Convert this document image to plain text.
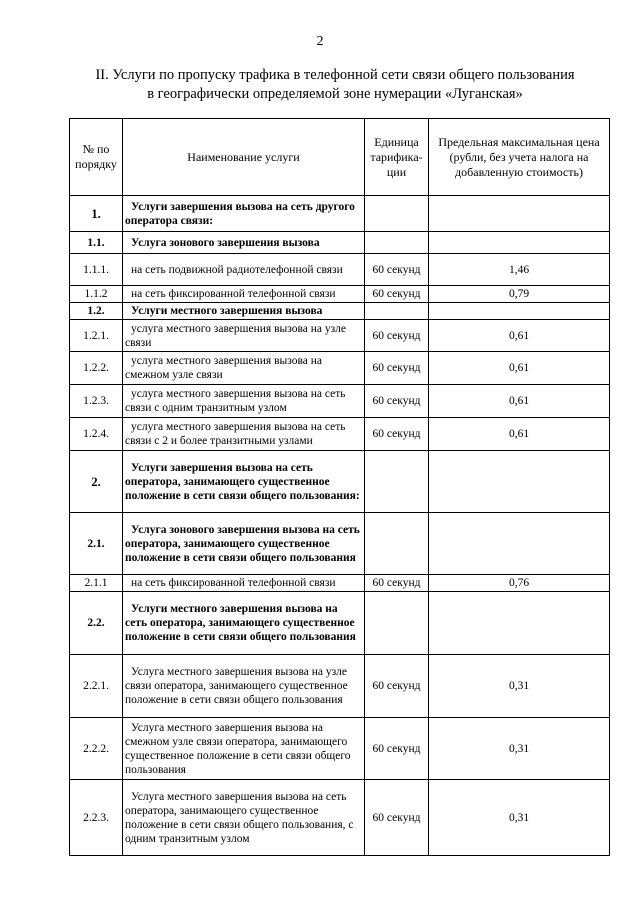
2
II. Услуги по пропуску трафика в телефонной сети связи общего пользования
в географически определяемой зоне нумерации «Луганская»
№ по порядку	Наименование услуги	Единица тарифика-ции	Предельная максимальная цена (рубли, без учета налога на добавленную стоимость)
1.	Услуги завершения вызова на сеть другого оператора связи:		

1.1.	Услуга зонового завершения вызова		

1.1.1.	на сеть подвижной радиотелефонной связи	60 секунд	1,46
1.1.2	на сеть фиксированной телефонной связи	60 секунд	0,79
1.2.	Услуги местного завершения вызова		

1.2.1.	услуга местного завершения вызова на узле связи	60 секунд	0,61
1.2.2.	услуга местного завершения вызова на смежном узле связи	60 секунд	0,61
1.2.3.	услуга местного завершения вызова на сеть связи с одним транзитным узлом	60 секунд	0,61
1.2.4.	услуга местного завершения вызова на сеть связи с 2 и более транзитными узлами	60 секунд	0,61
2.	Услуги завершения вызова на сеть оператора, занимающего существенное положение в сети связи общего пользования:		

2.1.	Услуга зонового завершения вызова на сеть оператора, занимающего существенное положение в сети связи общего пользования		

2.1.1	на сеть фиксированной телефонной связи	60 секунд	0,76
2.2.	Услуги местного завершения вызова на сеть оператора, занимающего существенное положение в сети связи общего пользования		

2.2.1.	Услуга местного завершения вызова на узле связи оператора, занимающего существенное положение в сети связи общего пользования	60 секунд	0,31
2.2.2.	Услуга местного завершения вызова на смежном узле связи оператора, занимающего существенное положение в сети связи общего пользования	60 секунд	0,31
2.2.3.	Услуга местного завершения вызова на сеть оператора, занимающего существенное положение в сети связи общего пользования, с одним транзитным узлом	60 секунд	0,31
